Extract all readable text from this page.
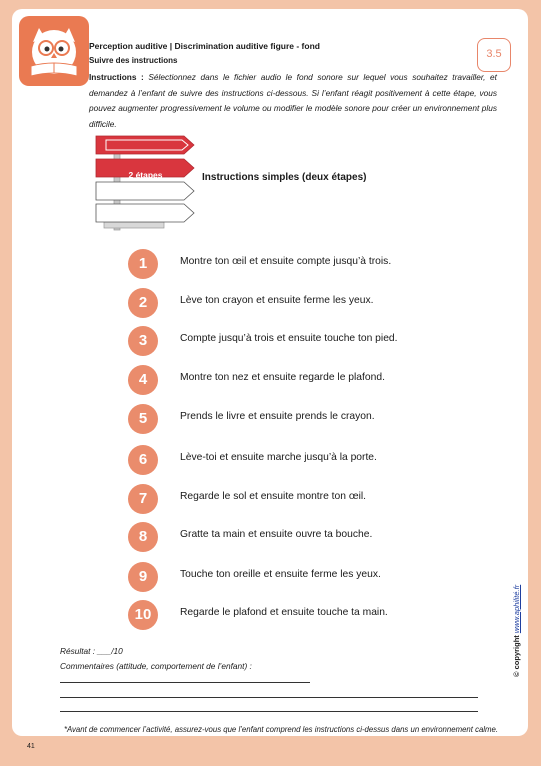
Perception auditive | Discrimination auditive figure - fond
Suivre des instructions
3.5
Instructions : Sélectionnez dans le fichier audio le fond sonore sur lequel vous souhaitez travailler, et demandez à l’enfant de suivre des instructions ci-dessous. Si l’enfant réagit positivement à cette étape, vous pouvez augmenter progressivement le volume ou modifier le modèle sonore pour créer un environnement plus difficile.
2 étapes	Instructions simples (deux étapes)
1	Montre ton œil et ensuite compte jusqu’à trois.
2	Lève ton crayon et ensuite ferme les yeux.
3	Compte jusqu’à trois et ensuite touche ton pied.
4	Montre ton nez et ensuite regarde le plafond.
5	Prends le livre et ensuite prends le crayon.
6	Lève-toi et ensuite marche jusqu’à la porte.
7	Regarde le sol et ensuite montre ton œil.
8	Gratte ta main et ensuite ouvre ta bouche.
9	Touche ton oreille et ensuite ferme les yeux.
10	Regarde le plafond et ensuite touche ta main.
Résultat : ___/10
Commentaires (attitude, comportement de l’enfant) :
*Avant de commencer l’activité, assurez-vous que l’enfant comprend les instructions ci-dessus dans un environnement calme.
© copyright www.aphilité.fr
41
